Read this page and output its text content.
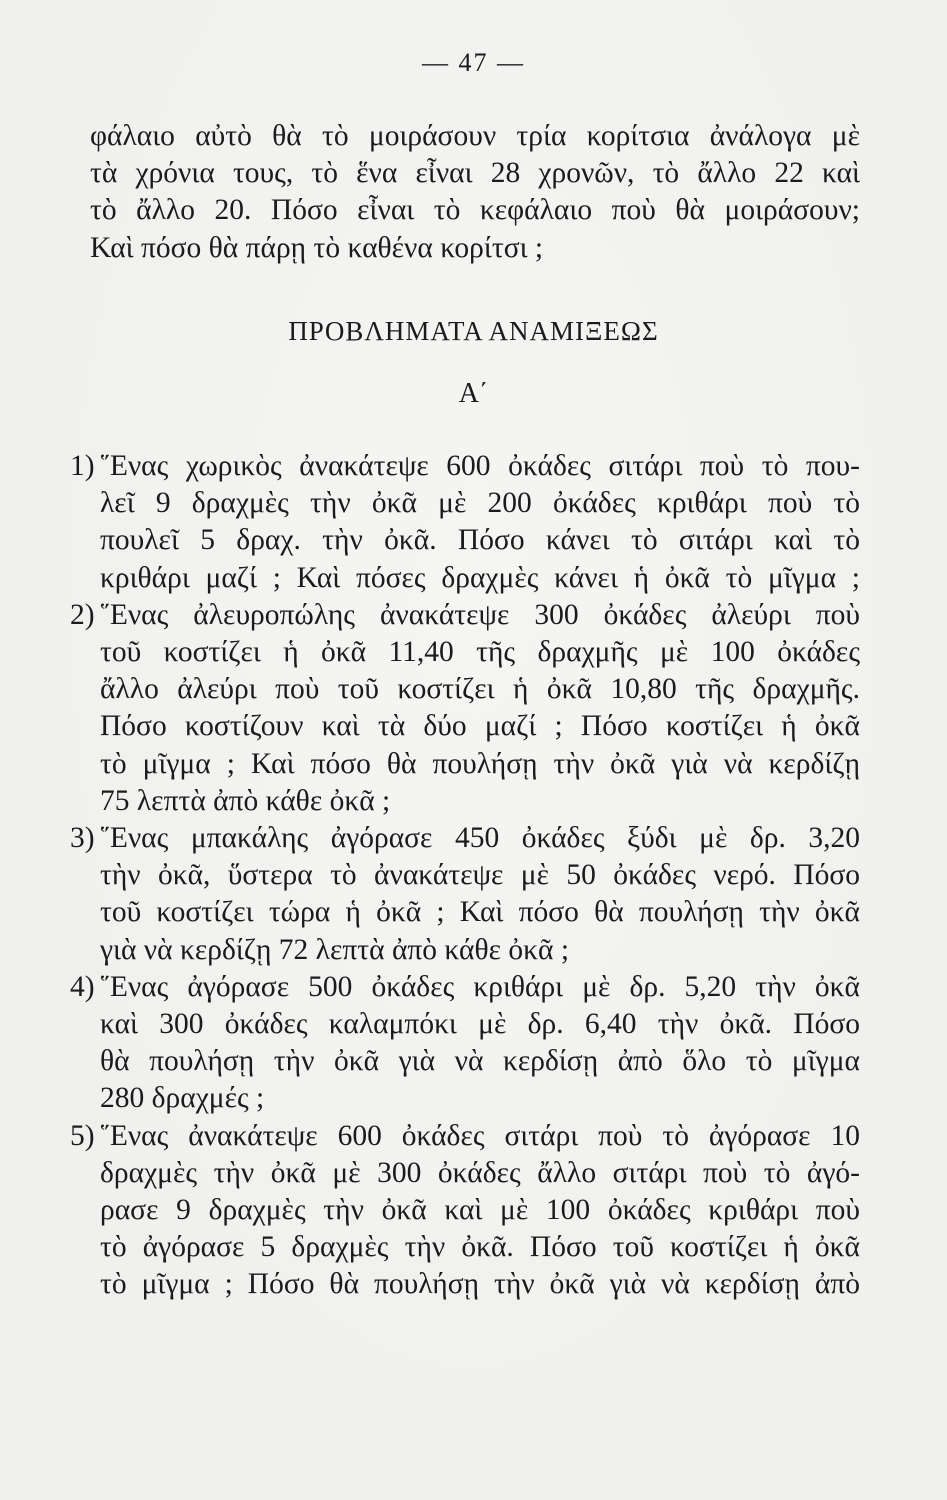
— 47 —
φάλαιο αὐτὸ θὰ τὸ μοιράσουν τρία κορίτσια ἀνάλογα μὲ
τὰ χρόνια τους, τὸ ἕνα εἶναι 28 χρονῶν, τὸ ἄλλο 22 καὶ
τὸ ἄλλο 20. Πόσο εἶναι τὸ κεφάλαιο ποὺ θὰ μοιράσουν;
Καὶ πόσο θὰ πάρῃ τὸ καθένα κορίτσι ;
ΠΡΟΒΛΗΜΑΤΑ ΑΝΑΜΙΞΕΩΣ
Α΄
1) ῞Ενας χωρικὸς ἀνακάτεψε 600 ὀκάδες σιτάρι ποὺ τὸ που-
λεῖ 9 δραχμὲς τὴν ὀκᾶ μὲ 200 ὀκάδες κριθάρι ποὺ τὸ
πουλεῖ 5 δραχ. τὴν ὀκᾶ. Πόσο κάνει τὸ σιτάρι καὶ τὸ
κριθάρι μαζί ; Καὶ πόσες δραχμὲς κάνει ἡ ὀκᾶ τὸ μῖγμα ;
2) ῞Ενας ἀλευροπώλης ἀνακάτεψε 300 ὀκάδες ἀλεύρι ποὺ
τοῦ κοστίζει ἡ ὀκᾶ 11,40 τῆς δραχμῆς μὲ 100 ὀκάδες
ἄλλο ἀλεύρι ποὺ τοῦ κοστίζει ἡ ὀκᾶ 10,80 τῆς δραχμῆς.
Πόσο κοστίζουν καὶ τὰ δύο μαζί ; Πόσο κοστίζει ἡ ὀκᾶ
τὸ μῖγμα ; Καὶ πόσο θὰ πουλήσῃ τὴν ὀκᾶ γιὰ νὰ κερδίζῃ
75 λεπτὰ ἀπὸ κάθε ὀκᾶ ;
3) ῞Ενας μπακάλης ἀγόρασε 450 ὀκάδες ξύδι μὲ δρ. 3,20
τὴν ὀκᾶ, ὕστερα τὸ ἀνακάτεψε μὲ 50 ὀκάδες νερό. Πόσο
τοῦ κοστίζει τώρα ἡ ὀκᾶ ; Καὶ πόσο θὰ πουλήσῃ τὴν ὀκᾶ
γιὰ νὰ κερδίζῃ 72 λεπτὰ ἀπὸ κάθε ὀκᾶ ;
4) ῞Ενας ἀγόρασε 500 ὀκάδες κριθάρι μὲ δρ. 5,20 τὴν ὀκᾶ
καὶ 300 ὀκάδες καλαμπόκι μὲ δρ. 6,40 τὴν ὀκᾶ. Πόσο
θὰ πουλήσῃ τὴν ὀκᾶ γιὰ νὰ κερδίσῃ ἀπὸ ὅλο τὸ μῖγμα
280 δραχμές ;
5) ῞Ενας ἀνακάτεψε 600 ὀκάδες σιτάρι ποὺ τὸ ἀγόρασε 10
δραχμὲς τὴν ὀκᾶ μὲ 300 ὀκάδες ἄλλο σιτάρι ποὺ τὸ ἀγό-
ρασε 9 δραχμὲς τὴν ὀκᾶ καὶ μὲ 100 ὀκάδες κριθάρι ποὺ
τὸ ἀγόρασε 5 δραχμὲς τὴν ὀκᾶ. Πόσο τοῦ κοστίζει ἡ ὀκᾶ
τὸ μῖγμα ; Πόσο θὰ πουλήσῃ τὴν ὀκᾶ γιὰ νὰ κερδίσῃ ἀπὸ
